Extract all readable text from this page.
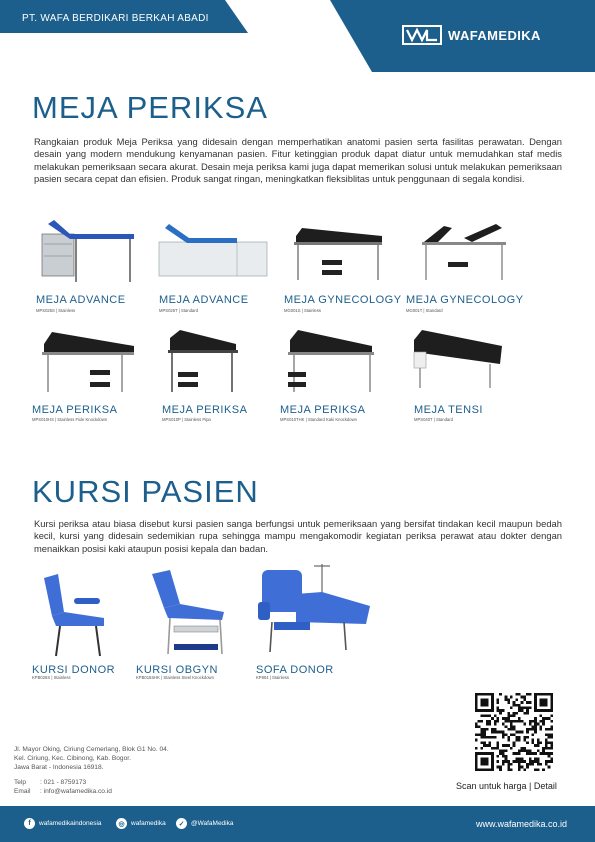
PT. WAFA BERDIKARI BERKAH ABADI
WAFAMEDIKA
MEJA PERIKSA
Rangkaian produk Meja Periksa yang didesain dengan memperhatikan anatomi pasien serta fasilitas perawatan. Dengan desain yang modern mendukung kenyamanan pasien. Fitur ketinggian produk dapat diatur untuk memudahkan staf medis melakukan pemeriksaan secara akurat. Desain meja periksa kami juga dapat memerikan solusi untuk melakukan pemeriksaan pasien secara cepat dan efisien. Produk sangat ringan, meningkatkan fleksiblitas untuk penggunaan di segala kondisi.
MEJA ADVANCE
MPS025S | Stainless
MEJA ADVANCE
MPS025T | Standard
MEJA GYNECOLOGY
MG001S | Stainless
MEJA GYNECOLOGY
MG001T | Standard
MEJA PERIKSA
MPS010HS | Stainless Fixle Knockdown
MEJA PERIKSA
MPS010P | Stainless Pipa
MEJA PERIKSA
MPS010THK | Standard Kaki Knockdown
MEJA TENSI
MPS040T | Standard
KURSI PASIEN
Kursi periksa atau biasa disebut kursi pasien sanga berfungsi untuk pemeriksaan yang bersifat tindakan kecil maupun bedah kecil, kursi yang didesain sedemikian rupa sehingga mampu mengakomodir kegiatan periksa perawat atau dokter dengan menaikkan posisi kaki ataupun posisi kepala dan badan.
KURSI DONOR
KPB026S | Stainless
KURSI OBGYN
KPB015SHK | Stainless Steel Knockdown
SOFA DONOR
KP804 | Stainless
Jl. Mayor Oking, Ciriung Cemerlang, Blok G1 No. 04.
Kel. Ciriung, Kec. Cibinong, Kab. Bogor.
Jawa Barat - Indonesia 16918.
Telp : 021 - 8759173
Email : info@wafamedika.co.id
Scan untuk harga | Detail
f	wafamedikaindonesia	◎ wafamedika	✓	@WafaMedika	www.wafamedika.co.id
